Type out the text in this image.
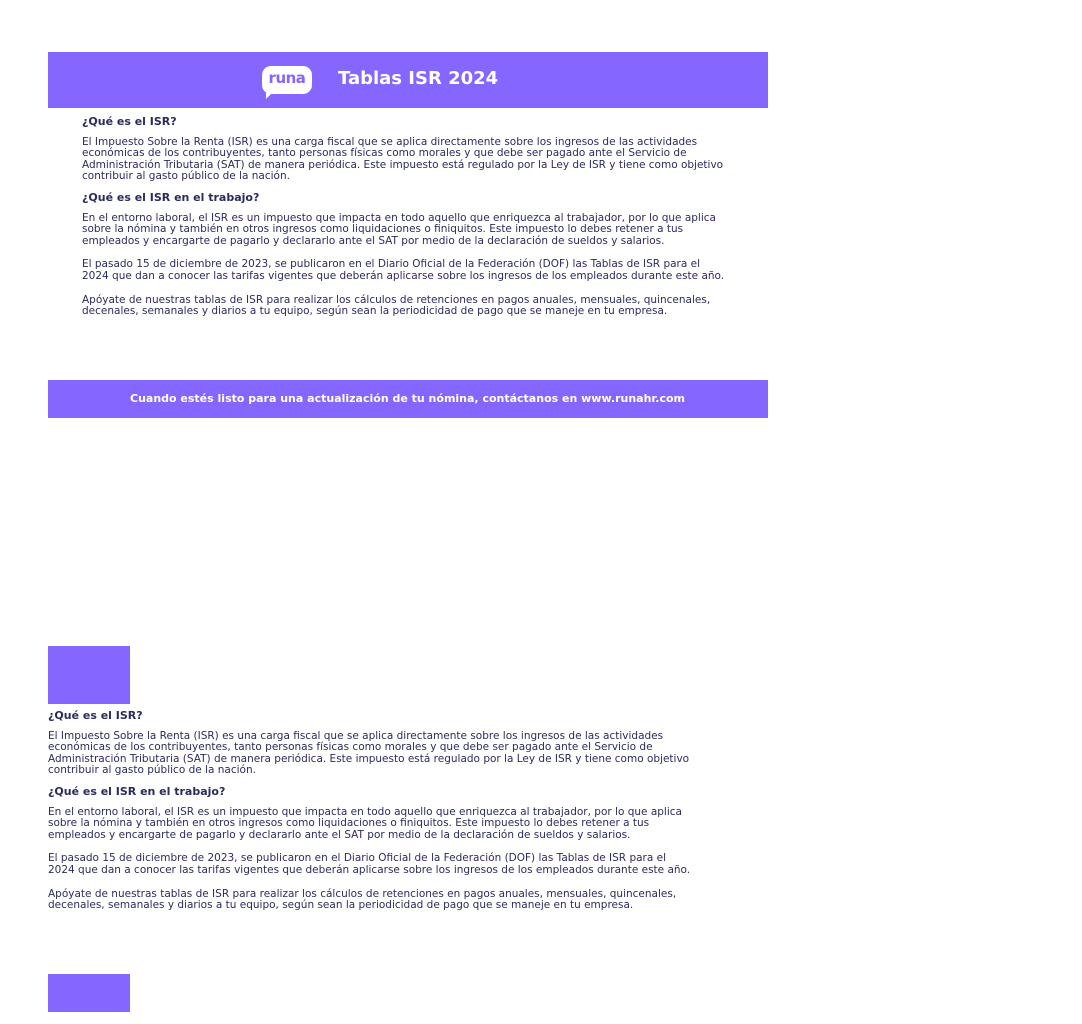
runa	Tablas ISR 2024
¿Qué es el ISR?
El Impuesto Sobre la Renta (ISR) es una carga fiscal que se aplica directamente sobre los ingresos de las actividades
económicas de los contribuyentes, tanto personas físicas como morales y que debe ser pagado ante el Servicio de
Administración Tributaria (SAT) de manera periódica. Este impuesto está regulado por la Ley de ISR y tiene como objetivo
contribuir al gasto público de la nación.
¿Qué es el ISR en el trabajo?
En el entorno laboral, el ISR es un impuesto que impacta en todo aquello que enriquezca al trabajador, por lo que aplica
sobre la nómina y también en otros ingresos como liquidaciones o finiquitos. Este impuesto lo debes retener a tus
empleados y encargarte de pagarlo y declararlo ante el SAT por medio de la declaración de sueldos y salarios.
El pasado 15 de diciembre de 2023, se publicaron en el Diario Oficial de la Federación (DOF) las Tablas de ISR para el
2024 que dan a conocer las tarifas vigentes que deberán aplicarse sobre los ingresos de los empleados durante este año.
Apóyate de nuestras tablas de ISR para realizar los cálculos de retenciones en pagos anuales, mensuales, quincenales,
decenales, semanales y diarios a tu equipo, según sean la periodicidad de pago que se maneje en tu empresa.
Cuando estés listo para una actualización de tu nómina, contáctanos en www.runahr.com
¿Qué es el ISR?
El Impuesto Sobre la Renta (ISR) es una carga fiscal que se aplica directamente sobre los ingresos de las actividades
económicas de los contribuyentes, tanto personas físicas como morales y que debe ser pagado ante el Servicio de
Administración Tributaria (SAT) de manera periódica. Este impuesto está regulado por la Ley de ISR y tiene como objetivo
contribuir al gasto público de la nación.
¿Qué es el ISR en el trabajo?
En el entorno laboral, el ISR es un impuesto que impacta en todo aquello que enriquezca al trabajador, por lo que aplica
sobre la nómina y también en otros ingresos como liquidaciones o finiquitos. Este impuesto lo debes retener a tus
empleados y encargarte de pagarlo y declararlo ante el SAT por medio de la declaración de sueldos y salarios.
El pasado 15 de diciembre de 2023, se publicaron en el Diario Oficial de la Federación (DOF) las Tablas de ISR para el
2024 que dan a conocer las tarifas vigentes que deberán aplicarse sobre los ingresos de los empleados durante este año.
Apóyate de nuestras tablas de ISR para realizar los cálculos de retenciones en pagos anuales, mensuales, quincenales,
decenales, semanales y diarios a tu equipo, según sean la periodicidad de pago que se maneje en tu empresa.
